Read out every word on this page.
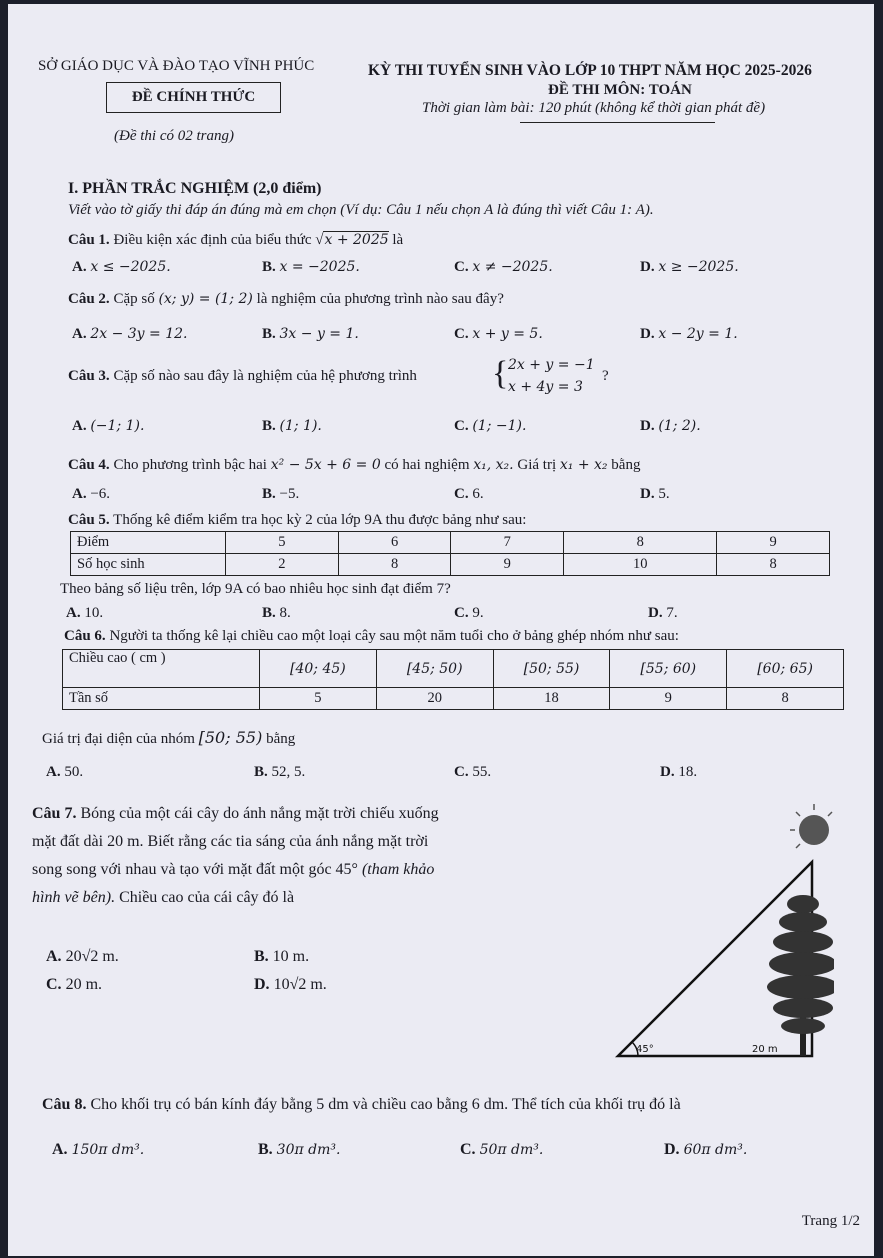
SỞ GIÁO DỤC VÀ ĐÀO TẠO VĨNH PHÚC	KỲ THI TUYỂN SINH VÀO LỚP 10 THPT NĂM HỌC 2025-2026
ĐỀ CHÍNH THỨC	ĐỀ THI MÔN: TOÁN
Thời gian làm bài: 120 phút (không kể thời gian phát đề)
(Đề thi có 02 trang)
I. PHẦN TRẮC NGHIỆM (2,0 điểm)
Viết vào tờ giấy thi đáp án đúng mà em chọn (Ví dụ: Câu 1 nếu chọn A là đúng thì viết Câu 1: A).
Câu 1. Điều kiện xác định của biểu thức √x + 2025 là
A. x ≤ −2025.	B. x = −2025.	C. x ≠ −2025.	D. x ≥ −2025.
Câu 2. Cặp số (x; y) = (1; 2) là nghiệm của phương trình nào sau đây?
A. 2x − 3y = 12.	B. 3x − y = 1.	C. x + y = 5.	D. x − 2y = 1.
Câu 3. Cặp số nào sau đây là nghiệm của hệ phương trình { 2x + y = −1
x + 4y = 3
?
A. (−1; 1).	B. (1; 1).	C. (1; −1).	D. (1; 2).
Câu 4. Cho phương trình bậc hai x² − 5x + 6 = 0 có hai nghiệm x₁, x₂. Giá trị x₁ + x₂ bằng
A. −6.	B. −5.	C. 6.	D. 5.
Câu 5. Thống kê điểm kiểm tra học kỳ 2 của lớp 9A thu được bảng như sau:
Điểm	5	6	7	8	9
Số học sinh	2	8	9	10	8
Theo bảng số liệu trên, lớp 9A có bao nhiêu học sinh đạt điểm 7?
A. 10.	B. 8.	C. 9.	D. 7.
Câu 6. Người ta thống kê lại chiều cao một loại cây sau một năm tuổi cho ở bảng ghép nhóm như sau:
Chiều cao ( cm )	[40; 45)	[45; 50)	[50; 55)	[55; 60)	[60; 65)
Tần số	5	20	18	9	8
Giá trị đại diện của nhóm [50; 55) bằng
A. 50.	B. 52, 5.	C. 55.	D. 18.
Câu 7. Bóng của một cái cây do ánh nắng mặt trời chiếu xuống
mặt đất dài 20 m. Biết rằng các tia sáng của ánh nắng mặt trời
song song với nhau và tạo với mặt đất một góc 45° (tham khảo
hình vẽ bên). Chiều cao của cái cây đó là
A. 20√2 m.	B. 10 m.
C. 20 m.	D. 10√2 m.
45°	20 m
Câu 8. Cho khối trụ có bán kính đáy bằng 5 dm và chiều cao bằng 6 dm. Thể tích của khối trụ đó là
A. 150π dm³.	B. 30π dm³.	C. 50π dm³.	D. 60π dm³.
Trang 1/2
